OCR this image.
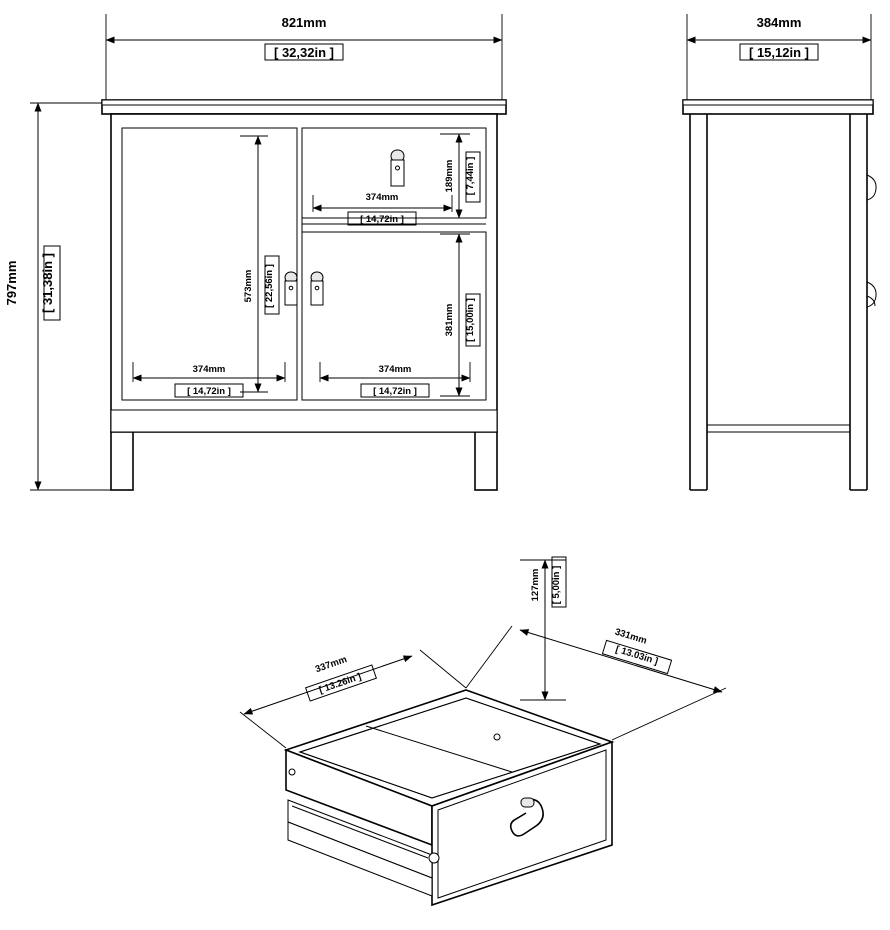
821mm
[ 32,32in ]
797mm [ 31,38in ]
374mm
[ 14,72in ]
189mm [ 7,44in ]
381mm [ 15,00in ]
573mm [ 22,56in ]
374mm
[ 14,72in ]
374mm
[ 14,72in ]
384mm
[ 15,12in ]
337mm
[ 13.26in ]
331mm
[ 13.03in ]
127mm [ 5,00in ]
